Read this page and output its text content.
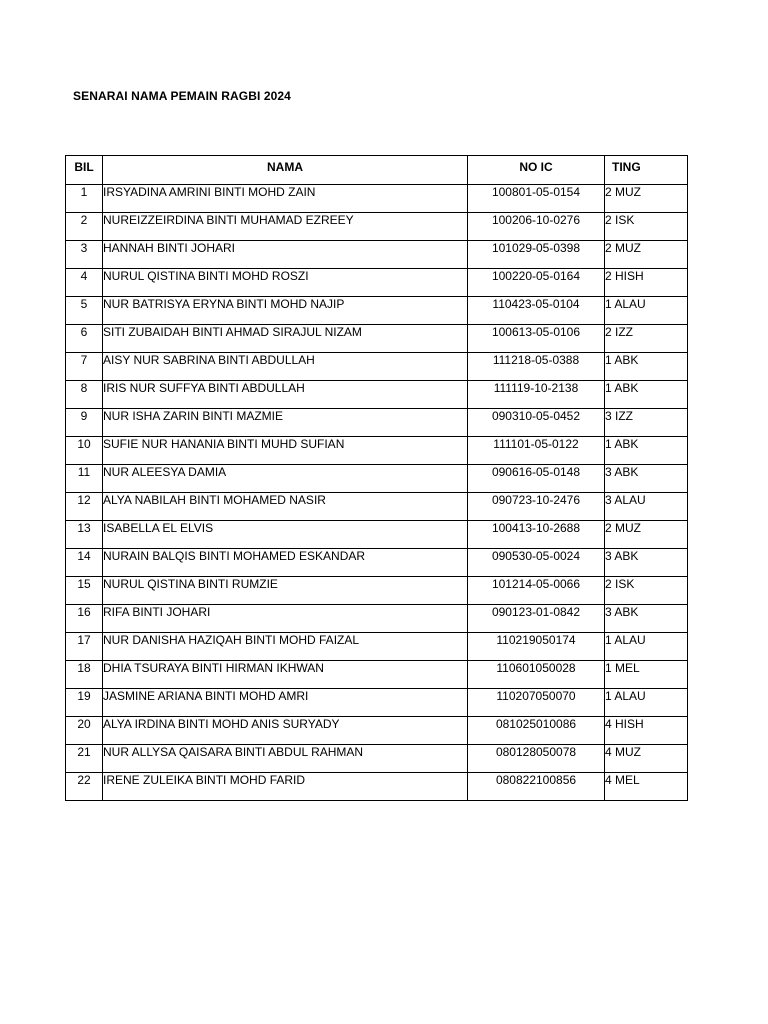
SENARAI NAMA PEMAIN RAGBI 2024
BIL	NAMA	NO IC	TING
1	IRSYADINA AMRINI BINTI MOHD ZAIN	100801-05-0154	2 MUZ
2	NUREIZZEIRDINA BINTI MUHAMAD EZREEY	100206-10-0276	2 ISK
3	HANNAH BINTI JOHARI	101029-05-0398	2 MUZ
4	NURUL QISTINA BINTI MOHD ROSZI	100220-05-0164	2 HISH
5	NUR BATRISYA ERYNA BINTI MOHD NAJIP	110423-05-0104	1 ALAU
6	SITI ZUBAIDAH BINTI AHMAD SIRAJUL NIZAM	100613-05-0106	2 IZZ
7	AISY NUR SABRINA BINTI ABDULLAH	111218-05-0388	1 ABK
8	IRIS NUR SUFFYA BINTI ABDULLAH	111119-10-2138	1 ABK
9	NUR ISHA ZARIN BINTI MAZMIE	090310-05-0452	3 IZZ
10	SUFIE NUR HANANIA BINTI MUHD SUFIAN	111101-05-0122	1 ABK
11	NUR ALEESYA DAMIA	090616-05-0148	3 ABK
12	ALYA NABILAH BINTI MOHAMED NASIR	090723-10-2476	3 ALAU
13	ISABELLA EL ELVIS	100413-10-2688	2 MUZ
14	NURAIN BALQIS BINTI MOHAMED ESKANDAR	090530-05-0024	3 ABK
15	NURUL QISTINA BINTI RUMZIE	101214-05-0066	2 ISK
16	RIFA BINTI JOHARI	090123-01-0842	3 ABK
17	NUR DANISHA HAZIQAH BINTI MOHD FAIZAL	110219050174	1 ALAU
18	DHIA TSURAYA BINTI HIRMAN IKHWAN	110601050028	1 MEL
19	JASMINE ARIANA BINTI MOHD AMRI	110207050070	1 ALAU
20	ALYA IRDINA BINTI MOHD ANIS SURYADY	081025010086	4 HISH
21	NUR ALLYSA QAISARA BINTI ABDUL RAHMAN	080128050078	4 MUZ
22	IRENE ZULEIKA BINTI MOHD FARID	080822100856	4 MEL
